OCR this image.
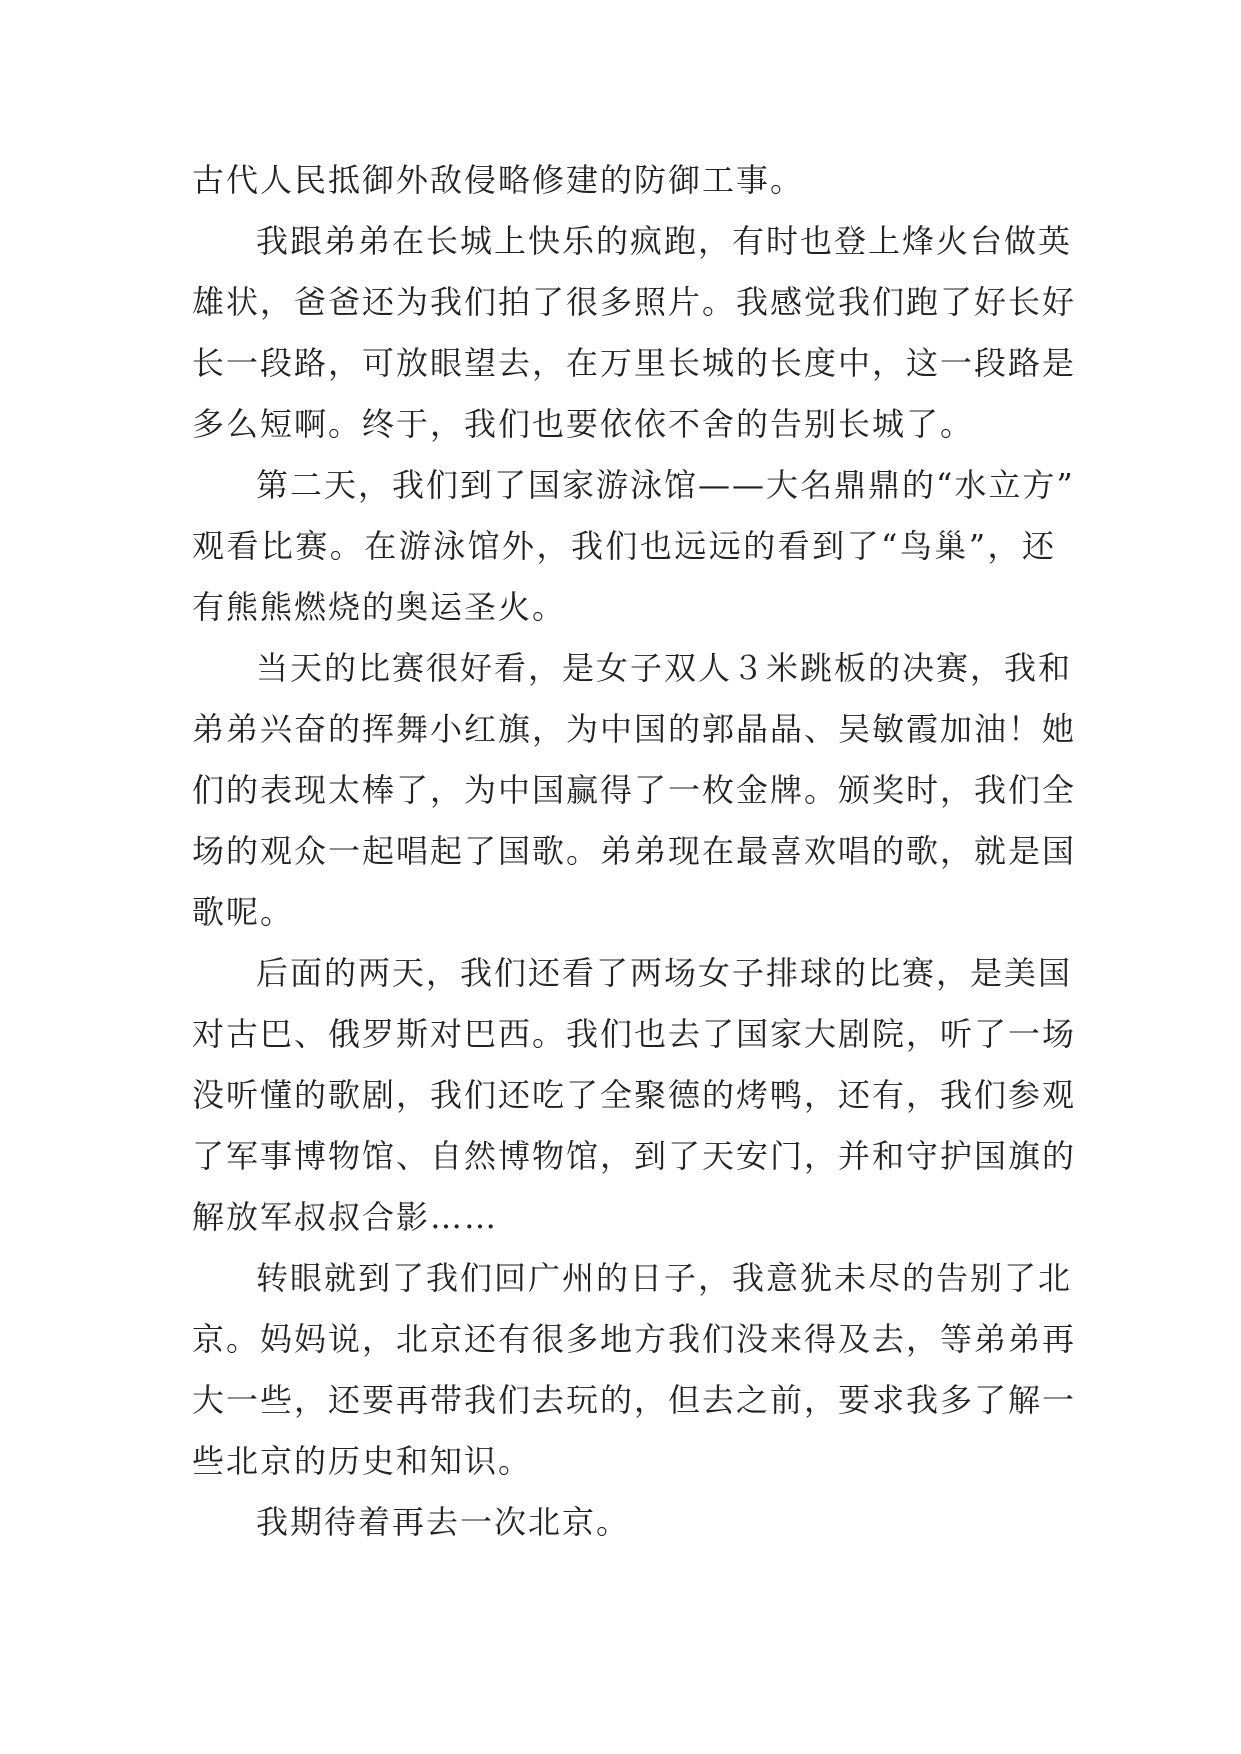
古代人民抵御外敌侵略修建的防御工事。
我跟弟弟在长城上快乐的疯跑，有时也登上烽火台做英
雄状，爸爸还为我们拍了很多照片。我感觉我们跑了好长好
长一段路，可放眼望去，在万里长城的长度中，这一段路是
多么短啊。终于，我们也要依依不舍的告别长城了。
第二天，我们到了国家游泳馆——大名鼎鼎的“水立方”
观看比赛。在游泳馆外，我们也远远的看到了“鸟巢”，还
有熊熊燃烧的奥运圣火。
当天的比赛很好看，是女子双人３米跳板的决赛，我和
弟弟兴奋的挥舞小红旗，为中国的郭晶晶、吴敏霞加油！她
们的表现太棒了，为中国赢得了一枚金牌。颁奖时，我们全
场的观众一起唱起了国歌。弟弟现在最喜欢唱的歌，就是国
歌呢。
后面的两天，我们还看了两场女子排球的比赛，是美国
对古巴、俄罗斯对巴西。我们也去了国家大剧院，听了一场
没听懂的歌剧，我们还吃了全聚德的烤鸭，还有，我们参观
了军事博物馆、自然博物馆，到了天安门，并和守护国旗的
解放军叔叔合影……
转眼就到了我们回广州的日子，我意犹未尽的告别了北
京。妈妈说，北京还有很多地方我们没来得及去，等弟弟再
大一些，还要再带我们去玩的，但去之前，要求我多了解一
些北京的历史和知识。
我期待着再去一次北京。
